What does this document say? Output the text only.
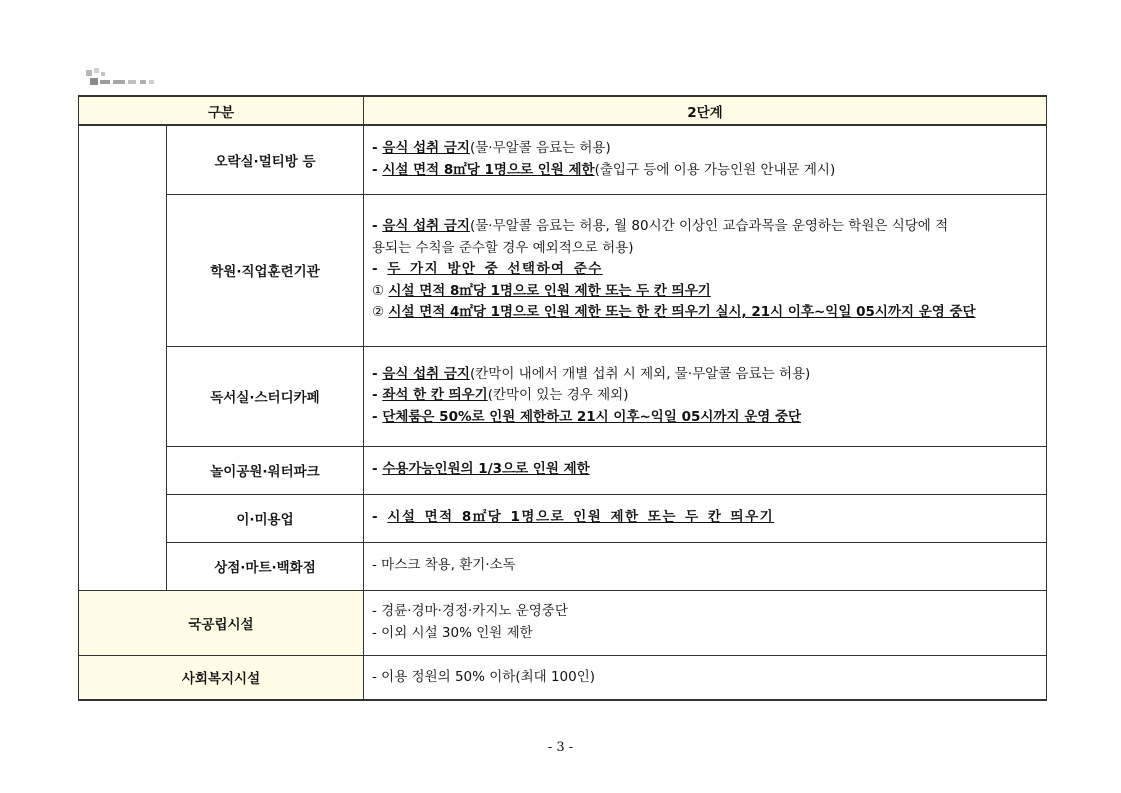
구분		2단계
	오락실·멀티방 등	- 음식 섭취 금지(물·무알콜 음료는 허용)

- 시설 면적 8㎡당 1명으로 인원 제한(출입구 등에 이용 가능인원 안내문 게시)

	학원·직업훈련기관	- 음식 섭취 금지(물·무알콜 음료는 허용, 월 80시간 이상인 교습과목을 운영하는 학원은 식당에 적

용되는 수칙을 준수할 경우 예외적으로 허용)

- 두 가지 방안 중 선택하여 준수

① 시설 면적 8㎡당 1명으로 인원 제한 또는 두 칸 띄우기

② 시설 면적 4㎡당 1명으로 인원 제한 또는 한 칸 띄우기 실시, 21시 이후~익일 05시까지 운영 중단

	독서실·스터디카페	- 음식 섭취 금지(칸막이 내에서 개별 섭취 시 제외, 물·무알콜 음료는 허용)

- 좌석 한 칸 띄우기(칸막이 있는 경우 제외)

- 단체룸은 50%로 인원 제한하고 21시 이후~익일 05시까지 운영 중단

	놀이공원·워터파크	- 수용가능인원의 1/3으로 인원 제한

	이·미용업	- 시설 면적 8㎡당 1명으로 인원 제한 또는 두 칸 띄우기

	상점·마트·백화점	- 마스크 착용, 환기·소독
국공립시설		- 경륜·경마·경정·카지노 운영중단

- 이외 시설 30% 인원 제한

사회복지시설		- 이용 정원의 50% 이하(최대 100인)
- 3 -
